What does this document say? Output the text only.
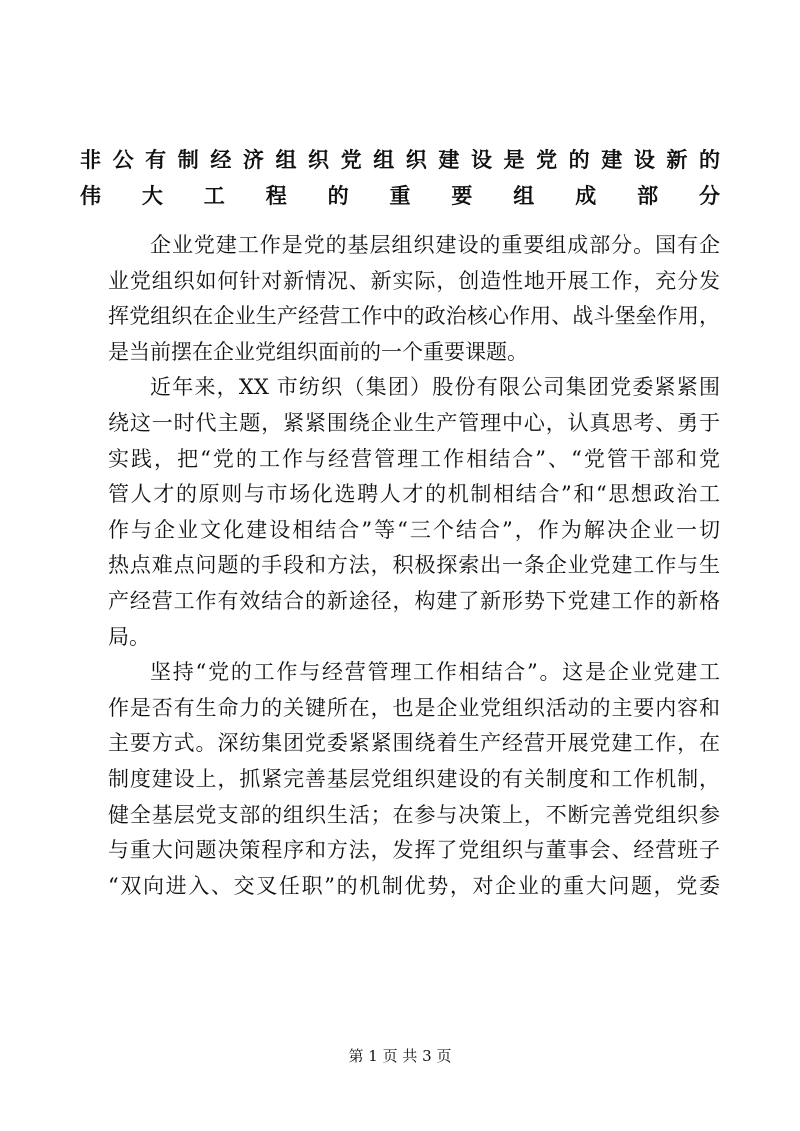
非公有制经济组织党组织建设是党的建设新的
伟大工程的重要组成部分
企业党建工作是党的基层组织建设的重要组成部分。国有企
业党组织如何针对新情况、新实际，创造性地开展工作，充分发
挥党组织在企业生产经营工作中的政治核心作用、战斗堡垒作用，
是当前摆在企业党组织面前的一个重要课题。
近年来，XX 市纺织（集团）股份有限公司集团党委紧紧围
绕这一时代主题，紧紧围绕企业生产管理中心，认真思考、勇于
实践，把“党的工作与经营管理工作相结合”、“党管干部和党
管人才的原则与市场化选聘人才的机制相结合”和“思想政治工
作与企业文化建设相结合”等“三个结合”，作为解决企业一切
热点难点问题的手段和方法，积极探索出一条企业党建工作与生
产经营工作有效结合的新途径，构建了新形势下党建工作的新格
局。
坚持“党的工作与经营管理工作相结合”。这是企业党建工
作是否有生命力的关键所在，也是企业党组织活动的主要内容和
主要方式。深纺集团党委紧紧围绕着生产经营开展党建工作，在
制度建设上，抓紧完善基层党组织建设的有关制度和工作机制，
健全基层党支部的组织生活；在参与决策上，不断完善党组织参
与重大问题决策程序和方法，发挥了党组织与董事会、经营班子
“双向进入、交叉任职”的机制优势，对企业的重大问题，党委
第 1 页 共 3 页
